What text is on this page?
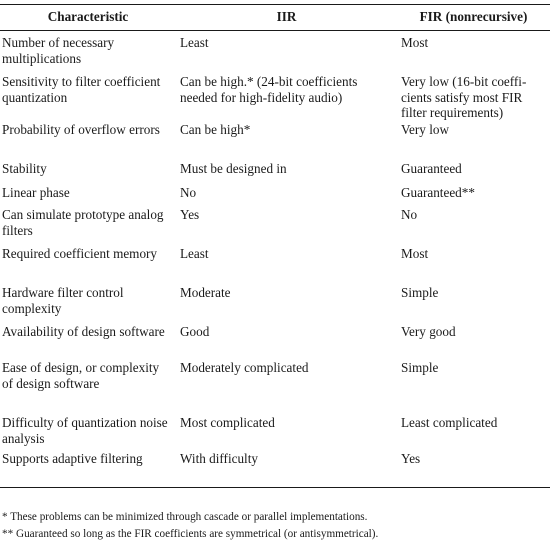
Characteristic	IIR	FIR (nonrecursive)
Number of necessary multiplications	Least	Most
Sensitivity to filter coefficient quantization	Can be high.* (24-bit coefficients needed for high-fidelity audio)	Very low (16-bit coeffi-cients satisfy most FIR filter requirements)
Probability of overflow errors	Can be high*	Very low
Stability	Must be designed in	Guaranteed
Linear phase	No	Guaranteed**
Can simulate prototype analog filters	Yes	No
Required coefficient memory	Least	Most
Hardware filter control complexity	Moderate	Simple
Availability of design software	Good	Very good
Ease of design, or complexity of design software	Moderately complicated	Simple
Difficulty of quantization noise analysis	Most complicated	Least complicated
Supports adaptive filtering	With difficulty	Yes
* These problems can be minimized through cascade or parallel implementations.
** Guaranteed so long as the FIR coefficients are symmetrical (or antisymmetrical).
